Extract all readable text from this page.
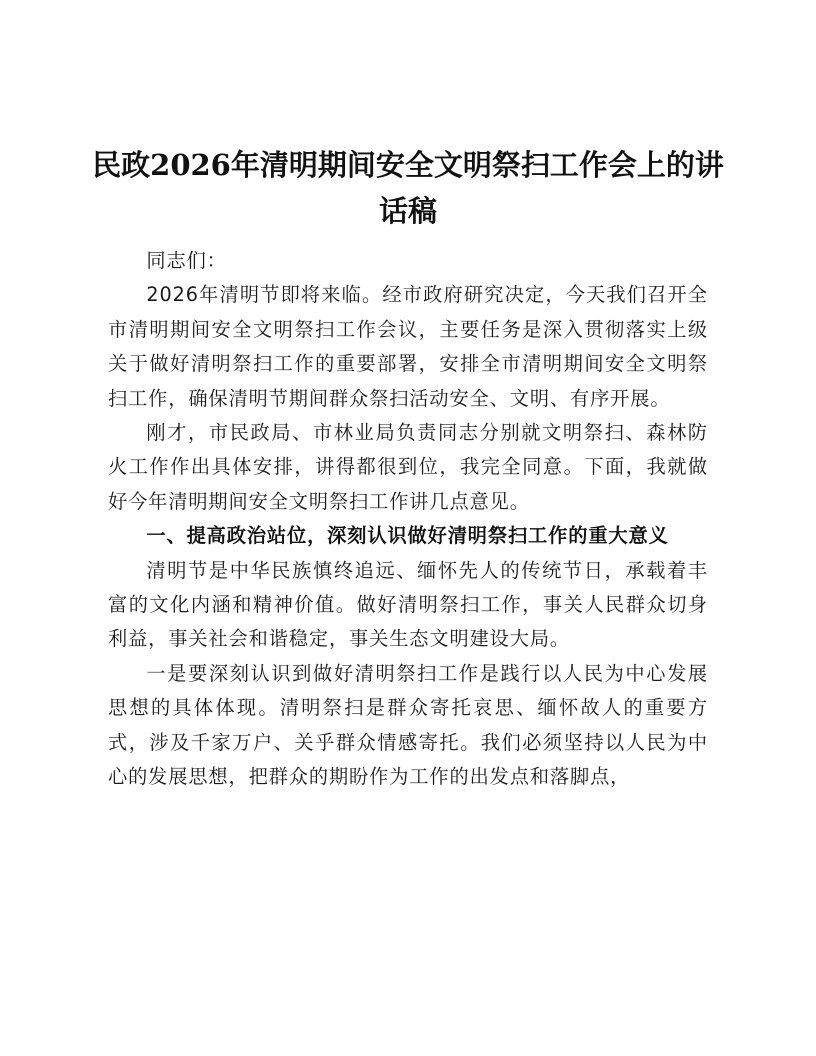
民政2026年清明期间安全文明祭扫工作会上的讲话稿

同志们：

2026年清明节即将来临。经市政府研究决定，今天我们召开全市清明期间安全文明祭扫工作会议，主要任务是深入贯彻落实上级关于做好清明祭扫工作的重要部署，安排全市清明期间安全文明祭扫工作，确保清明节期间群众祭扫活动安全、文明、有序开展。

刚才，市民政局、市林业局负责同志分别就文明祭扫、森林防火工作作出具体安排，讲得都很到位，我完全同意。下面，我就做好今年清明期间安全文明祭扫工作讲几点意见。

一、提高政治站位，深刻认识做好清明祭扫工作的重大意义

清明节是中华民族慎终追远、缅怀先人的传统节日，承载着丰富的文化内涵和精神价值。做好清明祭扫工作，事关人民群众切身利益，事关社会和谐稳定，事关生态文明建设大局。

一是要深刻认识到做好清明祭扫工作是践行以人民为中心发展思想的具体体现。清明祭扫是群众寄托哀思、缅怀故人的重要方式，涉及千家万户、关乎群众情感寄托。我们必须坚持以人民为中心的发展思想，把群众的期盼作为工作的出发点和落脚点，
